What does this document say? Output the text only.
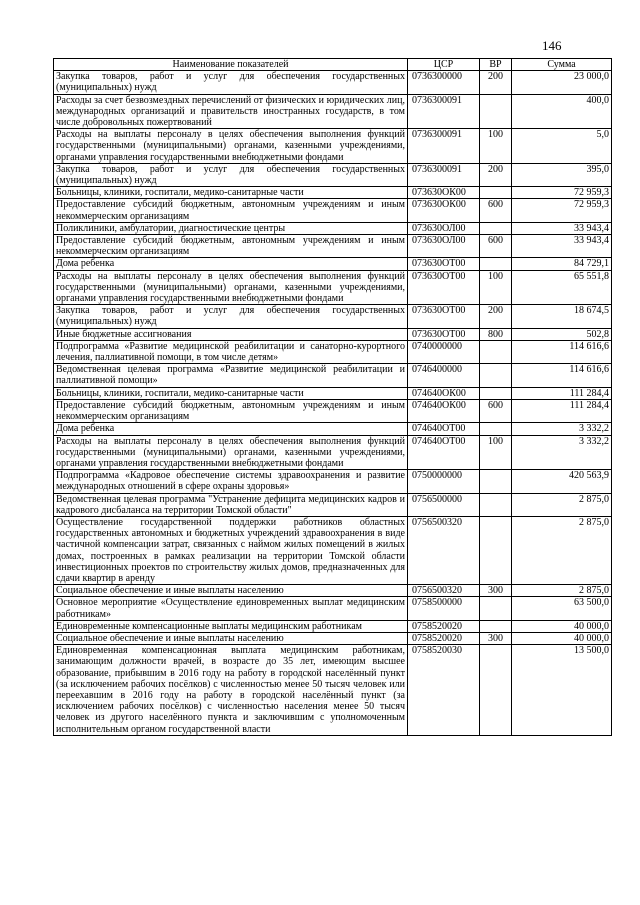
146
Наименование показателей	ЦСР	ВР	Сумма
Закупка товаров, работ и услуг для обеспечения государственных (муниципальных) нужд	0736300000	200	23 000,0
Расходы за счет безвозмездных перечислений от физических и юридических лиц, международных организаций и правительств иностранных государств, в том числе добровольных пожертвований	0736300091		400,0
Расходы на выплаты персоналу в целях обеспечения выполнения функций государственными (муниципальными) органами, казенными учреждениями, органами управления государственными внебюджетными фондами	0736300091	100	5,0
Закупка товаров, работ и услуг для обеспечения государственных (муниципальных) нужд	0736300091	200	395,0
Больницы, клиники, госпитали, медико-санитарные части	073630ОК00		72 959,3
Предоставление субсидий бюджетным, автономным учреждениям и иным некоммерческим организациям	073630ОК00	600	72 959,3
Поликлиники, амбулатории, диагностические центры	073630ОЛ00		33 943,4
Предоставление субсидий бюджетным, автономным учреждениям и иным некоммерческим организациям	073630ОЛ00	600	33 943,4
Дома ребенка	073630ОТ00		84 729,1
Расходы на выплаты персоналу в целях обеспечения выполнения функций государственными (муниципальными) органами, казенными учреждениями, органами управления государственными внебюджетными фондами	073630ОТ00	100	65 551,8
Закупка товаров, работ и услуг для обеспечения государственных (муниципальных) нужд	073630ОТ00	200	18 674,5
Иные бюджетные ассигнования	073630ОТ00	800	502,8
Подпрограмма «Развитие медицинской реабилитации и санаторно-курортного лечения, паллиативной помощи, в том числе детям»	0740000000		114 616,6
Ведомственная целевая программа «Развитие медицинской реабилитации и паллиативной помощи»	0746400000		114 616,6
Больницы, клиники, госпитали, медико-санитарные части	074640ОК00		111 284,4
Предоставление субсидий бюджетным, автономным учреждениям и иным некоммерческим организациям	074640ОК00	600	111 284,4
Дома ребенка	074640ОТ00		3 332,2
Расходы на выплаты персоналу в целях обеспечения выполнения функций государственными (муниципальными) органами, казенными учреждениями, органами управления государственными внебюджетными фондами	074640ОТ00	100	3 332,2
Подпрограмма «Кадровое обеспечение системы здравоохранения и развитие международных отношений в сфере охраны здоровья»	0750000000		420 563,9
Ведомственная целевая программа "Устранение дефицита медицинских кадров и кадрового дисбаланса на территории Томской области"	0756500000		2 875,0
Осуществление государственной поддержки работников областных государственных автономных и бюджетных учреждений здравоохранения в виде частичной компенсации затрат, связанных с наймом жилых помещений в жилых домах, построенных в рамках реализации на территории Томской области инвестиционных проектов по строительству жилых домов, предназначенных для сдачи квартир в аренду	0756500320		2 875,0
Социальное обеспечение и иные выплаты населению	0756500320	300	2 875,0
Основное мероприятие «Осуществление единовременных выплат медицинским работникам»	0758500000		63 500,0
Единовременные компенсационные выплаты медицинским работникам	0758520020		40 000,0
Социальное обеспечение и иные выплаты населению	0758520020	300	40 000,0
Единовременная компенсационная выплата медицинским работникам, занимающим должности врачей, в возрасте до 35 лет, имеющим высшее образование, прибывшим в 2016 году на работу в городской населённый пункт (за исключением рабочих посёлков) с численностью менее 50 тысяч человек или переехавшим в 2016 году на работу в городской населённый пункт (за исключением рабочих посёлков) с численностью населения менее 50 тысяч человек из другого населённого пункта и заключившим с уполномоченным исполнительным органом государственной власти	0758520030		13 500,0
